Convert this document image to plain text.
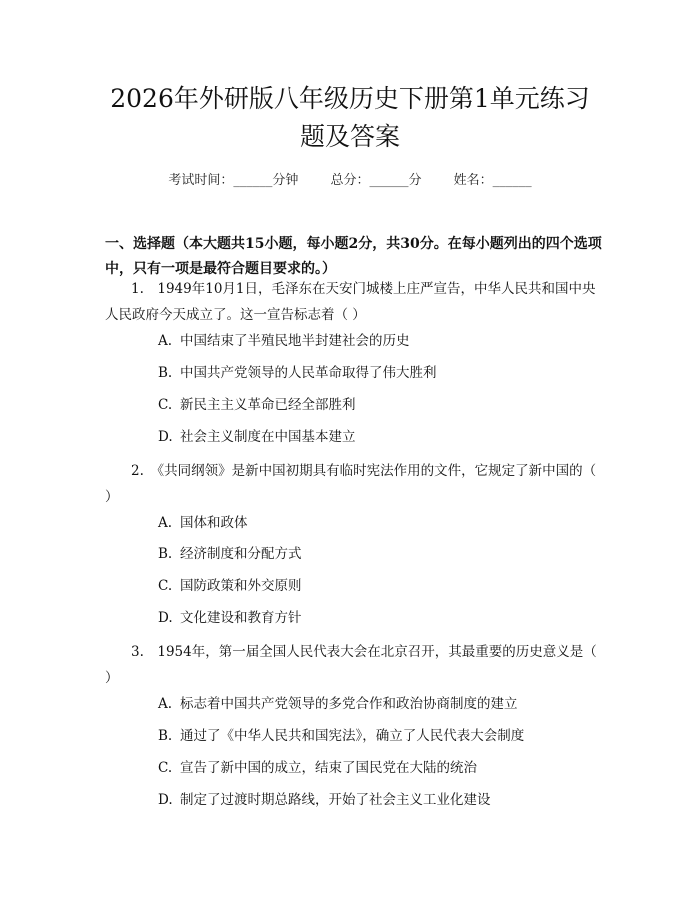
2026年外研版八年级历史下册第1单元练习
题及答案
考试时间：______分钟 总分：______分 姓名：______
一、选择题（本大题共15小题，每小题2分，共30分。在每小题列出的四个选项中，只有一项是最符合题目要求的。）
1.　1949年10月1日，毛泽东在天安门城楼上庄严宣告，中华人民共和国中央人民政府今天成立了。这一宣告标志着（ ）
A. 中国结束了半殖民地半封建社会的历史
B. 中国共产党领导的人民革命取得了伟大胜利
C. 新民主主义革命已经全部胜利
D. 社会主义制度在中国基本建立
2.　《共同纲领》是新中国初期具有临时宪法作用的文件，它规定了新中国的（ ）
A. 国体和政体
B. 经济制度和分配方式
C. 国防政策和外交原则
D. 文化建设和教育方针
3.　1954年，第一届全国人民代表大会在北京召开，其最重要的历史意义是（ ）
A. 标志着中国共产党领导的多党合作和政治协商制度的建立
B. 通过了《中华人民共和国宪法》，确立了人民代表大会制度
C. 宣告了新中国的成立，结束了国民党在大陆的统治
D. 制定了过渡时期总路线，开始了社会主义工业化建设
